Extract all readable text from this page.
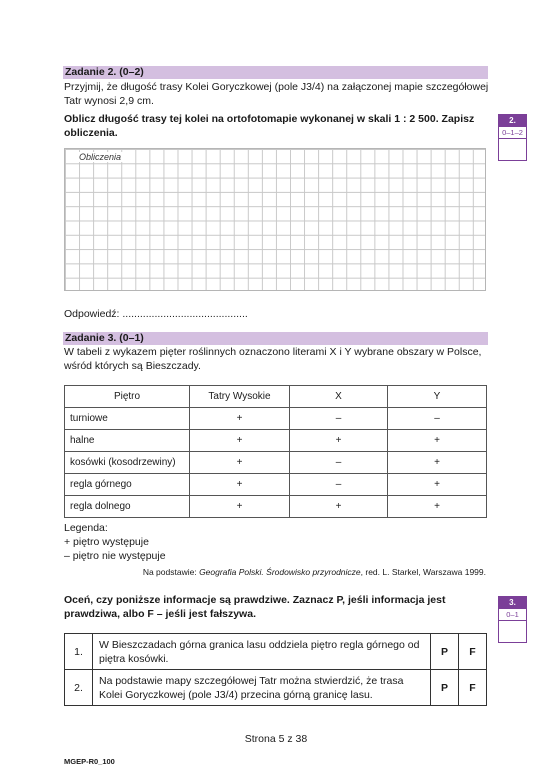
Zadanie 2. (0–2)
Przyjmij, że długość trasy Kolei Goryczkowej (pole J3/4) na załączonej mapie szczegółowej Tatr wynosi 2,9 cm.
Oblicz długość trasy tej kolei na ortofotomapie wykonanej w skali 1 : 2 500. Zapisz obliczenia.
2.
0–1–2
Obliczenia
Odpowiedź: ...........................................
Zadanie 3. (0–1)
W tabeli z wykazem pięter roślinnych oznaczono literami X i Y wybrane obszary w Polsce, wśród których są Bieszczady.
Piętro	Tatry Wysokie	X	Y
turniowe	+	–	–
halne	+	+	+
kosówki (kosodrzewiny)	+	–	+
regla górnego	+	–	+
regla dolnego	+	+	+
Legenda:
+ piętro występuje
– piętro nie występuje
Na podstawie: Geografia Polski. Środowisko przyrodnicze, red. L. Starkel, Warszawa 1999.
Oceń, czy poniższe informacje są prawdziwe. Zaznacz P, jeśli informacja jest prawdziwa, albo F – jeśli jest fałszywa.
3.
0–1
1.	W Bieszczadach górna granica lasu oddziela piętro regla górnego od piętra kosówki.	P	F
2.	Na podstawie mapy szczegółowej Tatr można stwierdzić, że trasa Kolei Goryczkowej (pole J3/4) przecina górną granicę lasu.	P	F
Strona 5 z 38
MGEP-R0_100
